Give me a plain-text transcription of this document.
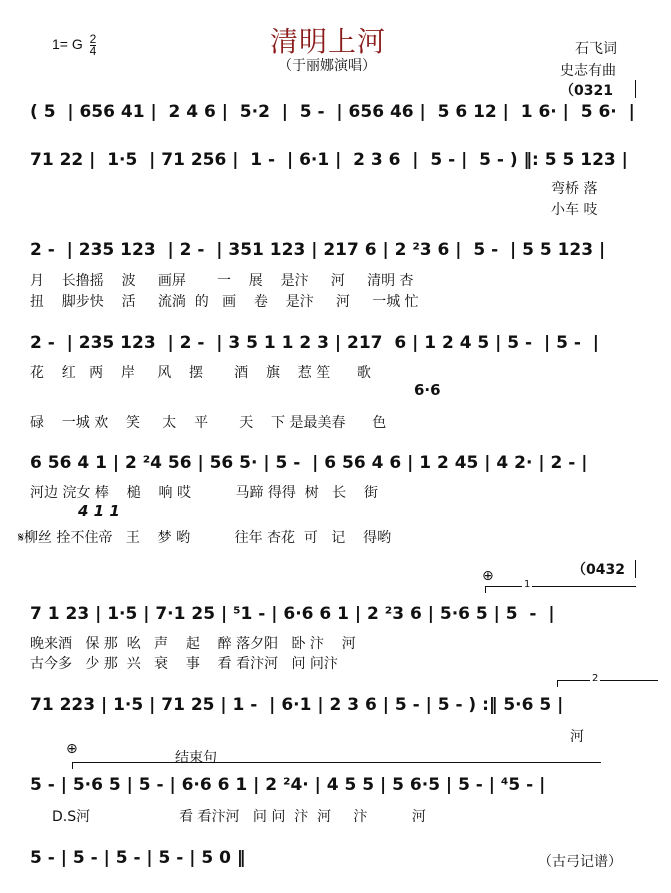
1= G $\frac{2}{4}$	清明上河
（于丽娜演唱）
石飞词
史志有曲
（0321
( 5  | 656 41 |  2 4 6 |  5·2  |  5 -  | 656 46 |  5 6 12 |  1 6· |  5 6·  |
71 22 |  1·5  | 71 256 |  1 -  | 6·1 |  2 3 6  |  5 - |  5 - ) ‖: 5 5 123 |
弯桥 落
小车 吱
2 -  | 235 123  | 2 -  | 351 123 | 217 6 | 2 ²3 6 |  5 -  | 5 5 123 |
月    长撸摇    波     画屏       一    展    是汴     河     清明 杏
扭    脚步快    活     流淌  的   画    卷    是汴     河     一城 忙
2 -  | 235 123  | 2 -  | 3 5 1 1 2 3 | 217  6 | 1 2 4 5 | 5 -  | 5 -  |
花    红   两    岸     风    摆       酒    旗    惹 笙      歌
6·6
碌    一城 欢    笑     太    平       天    下 是最美春      色
6 56 4 1 | 2 ²4 56 | 56 5· | 5 -  | 6 56 4 6 | 1 2 45 | 4 2· | 2 - |
河边 浣女 棒    槌    响 哎          马蹄 得得  树   长    街
4 1 1
𝄋柳丝 拴不住帝   王    梦 哟          往年 杏花  可   记    得哟
⊕	（0432
1
7 1 23 | 1·5 | 7·1 25 | ⁵1 - | 6·6 6 1 | 2 ²3 6 | 5·6 5 | 5  -  |
晚来酒   保 那  吆   声    起    醉 落夕阳   卧 汴    河
古今多   少 那  兴   衰    事    看 看汴河   问 问汴
2
71 223 | 1·5 | 71 25 | 1 -  | 6·1 | 2 3 6 | 5 - | 5 - ) :‖ 5·6 5 |
河
⊕
结束句
5 - | 5·6 5 | 5 - | 6·6 6 1 | 2 ²4· | 4 5 5 | 5 6·5 | 5 - | ⁴5 - |
D.S河                    看 看汴河   问 问  汴  河     汴          河
5 - | 5 - | 5 - | 5 - | 5 0 ‖	（古弓记谱）
